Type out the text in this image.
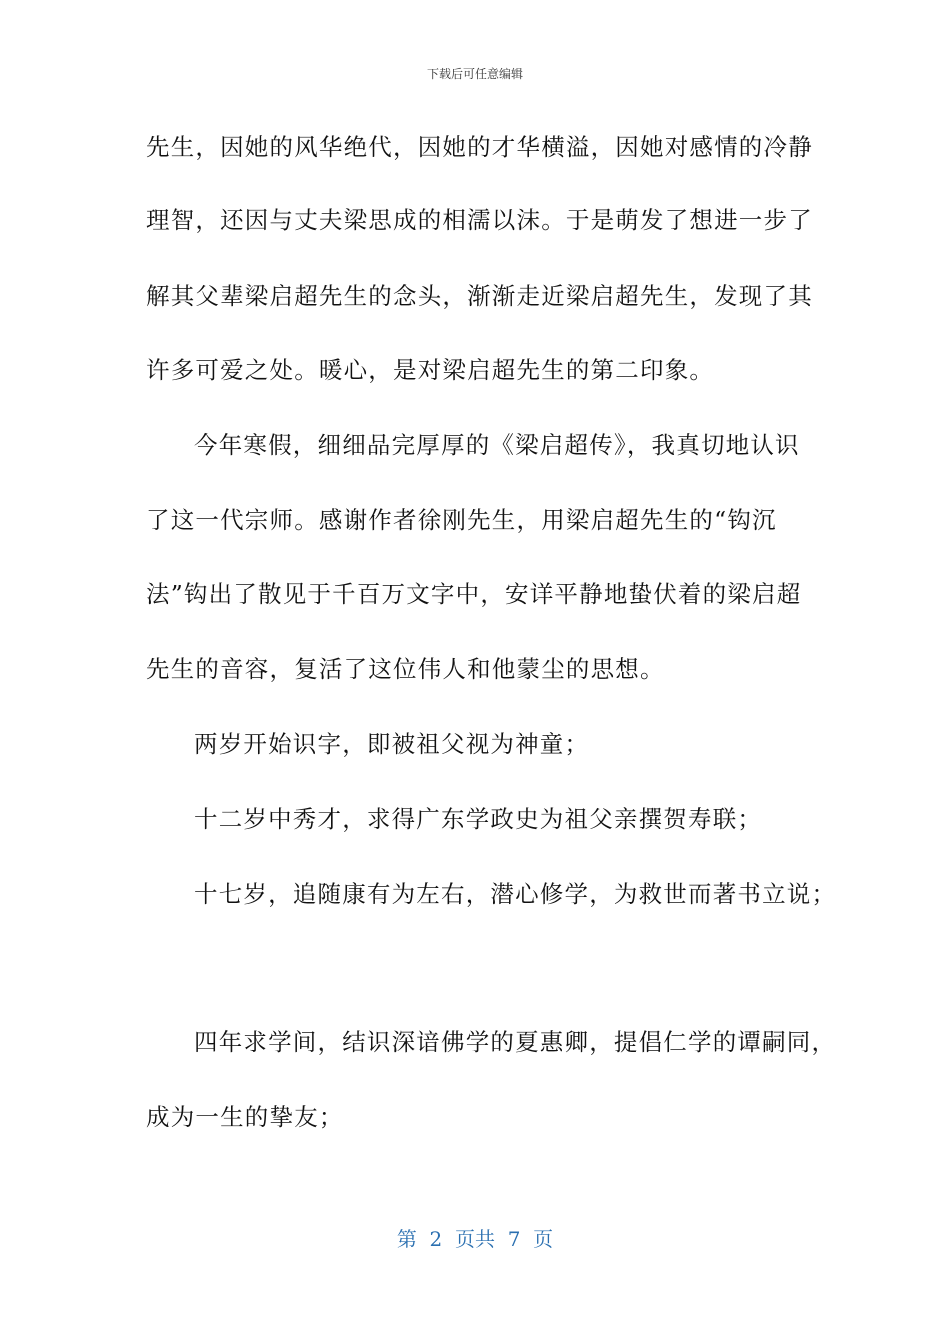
下载后可任意编辑
先生，因她的风华绝代，因她的才华横溢，因她对感情的冷静
理智，还因与丈夫梁思成的相濡以沫。于是萌发了想进一步了
解其父辈梁启超先生的念头，渐渐走近梁启超先生，发现了其
许多可爱之处。暖心，是对梁启超先生的第二印象。
今年寒假，细细品完厚厚的《梁启超传》，我真切地认识
了这一代宗师。感谢作者徐刚先生，用梁启超先生的“钩沉
法”钩出了散见于千百万文字中，安详平静地蛰伏着的梁启超
先生的音容，复活了这位伟人和他蒙尘的思想。
两岁开始识字，即被祖父视为神童；
十二岁中秀才，求得广东学政史为祖父亲撰贺寿联；
十七岁，追随康有为左右，潜心修学，为救世而著书立说；
四年求学间，结识深谙佛学的夏惠卿，提倡仁学的谭嗣同，
成为一生的挚友；
第  2  页共  7  页
